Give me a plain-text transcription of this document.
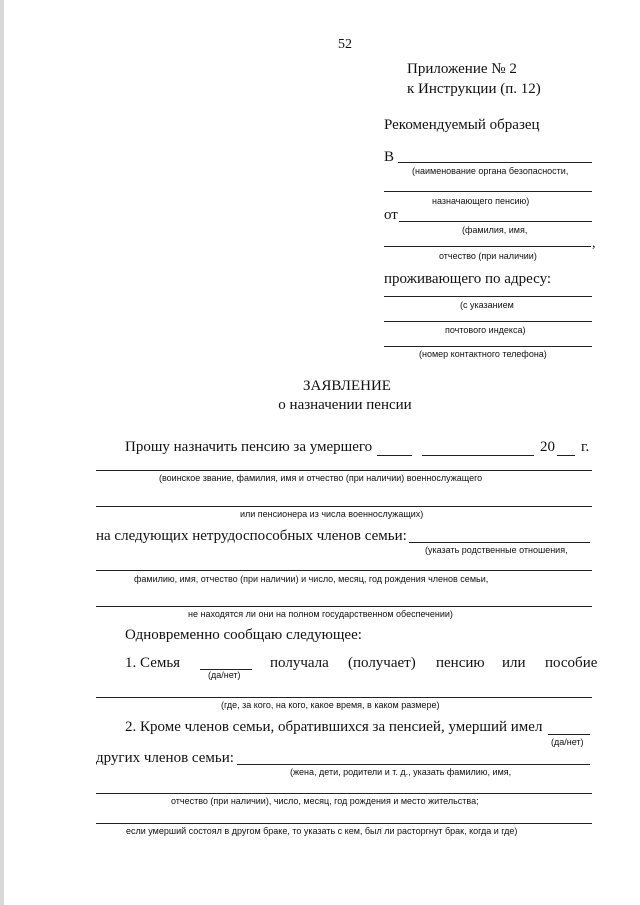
52
Приложение № 2
к Инструкции (п. 12)
Рекомендуемый образец
В
(наименование органа безопасности,
назначающего пенсию)
от
(фамилия, имя,
,
отчество (при наличии)
проживающего по адресу:
(с указанием
почтового индекса)
(номер контактного телефона)
ЗАЯВЛЕНИЕ
о назначении пенсии
Прошу назначить пенсию за умершего	20 г.
(воинское звание, фамилия, имя и отчество (при наличии) военнослужащего
или пенсионера из числа военнослужащих)
на следующих нетрудоспособных членов семьи:
(указать родственные отношения,
фамилию, имя, отчество (при наличии) и число, месяц, год рождения членов семьи,
не находятся ли они на полном государственном обеспечении)
Одновременно сообщаю следующее:
1. Семья
(да/нет)
получала (получает) пенсию или пособие
(где, за кого, на кого, какое время, в каком размере)
2. Кроме членов семьи, обратившихся за пенсией, умерший имел
(да/нет)
других членов семьи:
(жена, дети, родители и т. д., указать фамилию, имя,
отчество (при наличии), число, месяц, год рождения и место жительства;
если умерший состоял в другом браке, то указать с кем, был ли расторгнут брак, когда и где)
